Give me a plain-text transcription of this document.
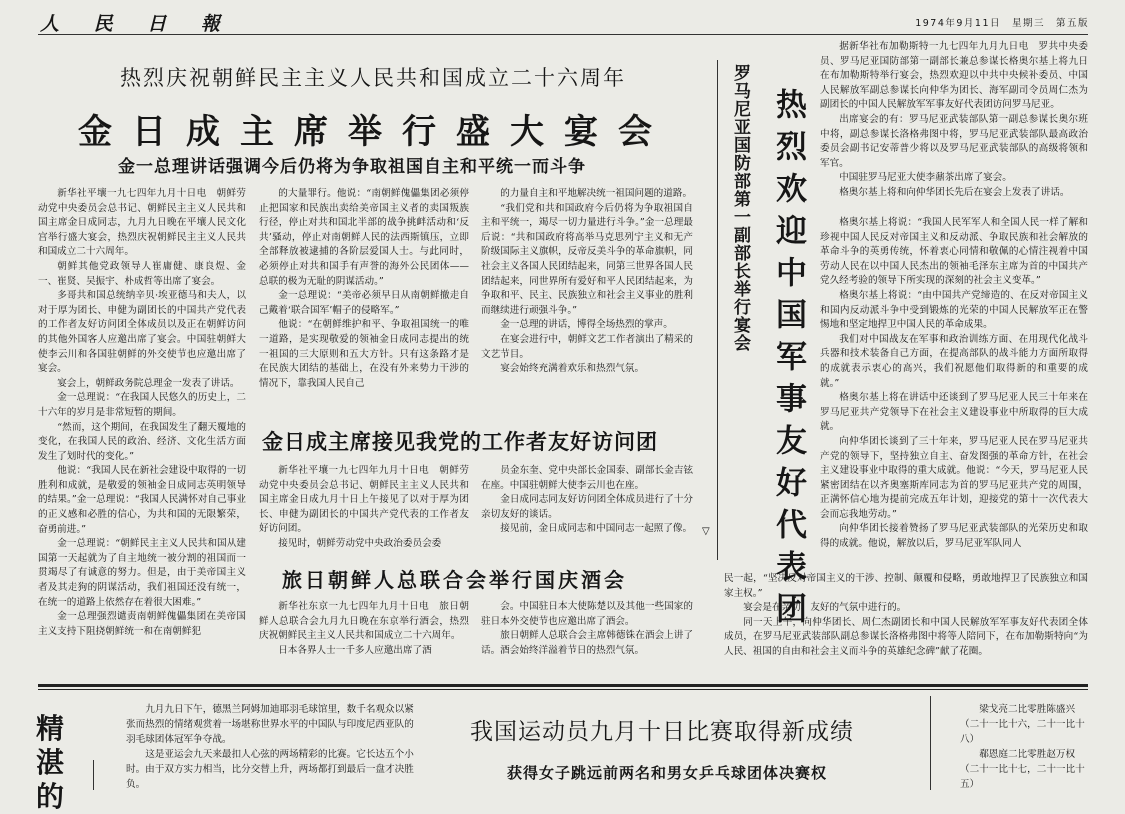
人 民 日 報	1974年9月11日　星期三　第五版
热烈庆祝朝鲜民主主义人民共和国成立二十六周年
金日成主席举行盛大宴会
金一总理讲话强调今后仍将为争取祖国自主和平统一而斗争

新华社平壤一九七四年九月十日电　朝鲜劳动党中央委员会总书记、朝鲜民主主义人民共和国主席金日成同志，九月九日晚在平壤人民文化宫举行盛大宴会，热烈庆祝朝鲜民主主义人民共和国成立二十六周年。

朝鲜其他党政领导人崔庸健、康良煜、金一、崔贤、吴振宇、朴成哲等出席了宴会。

多哥共和国总统纳辛贝·埃亚德马和夫人，以对于厚为团长、申健为副团长的中国共产党代表的工作者友好访问团全体成员以及正在朝鲜访问的其他外国客人应邀出席了宴会。中国驻朝鲜大使李云川和各国驻朝鲜的外交使节也应邀出席了宴会。

宴会上，朝鲜政务院总理金一发表了讲话。

金一总理说：“在我国人民悠久的历史上，二十六年的岁月是非常短暂的期间。

“然而，这个期间，在我国发生了翻天覆地的变化，在我国人民的政治、经济、文化生活方面发生了划时代的变化。”

他说：“我国人民在新社会建设中取得的一切胜利和成就，是敬爱的领袖金日成同志英明领导的结果。”金一总理说：“我国人民满怀对自己事业的正义感和必胜的信心，为共和国的无限繁荣，奋勇前进。”

金一总理说：“朝鲜民主主义人民共和国从建国第一天起就为了自主地统一被分割的祖国而一贯竭尽了有诚意的努力。但是，由于美帝国主义者及其走狗的阴谋活动，我们祖国还没有统一，在统一的道路上依然存在着很大困难。”

金一总理强烈谴责南朝鲜傀儡集团在美帝国主义支持下阻挠朝鲜统一和在南朝鲜犯

的大量罪行。他说：“南朝鲜傀儡集团必须停止把国家和民族出卖给美帝国主义者的卖国叛族行径，停止对共和国北半部的战争挑衅活动和‘反共’骚动，停止对南朝鲜人民的法西斯镇压，立即全部释放被逮捕的各阶层爱国人士。与此同时，必须停止对共和国手有声誉的海外公民团体——总联的极为无耻的阴谋活动。”

金一总理说：“美帝必须早日从南朝鲜撤走自己戴着‘联合国军’帽子的侵略军。”

他说：“在朝鲜维护和平、争取祖国统一的唯一道路，是实现敬爱的领袖金日成同志提出的统一祖国的三大原则和五大方针。只有这条路才是在民族大团结的基础上，在没有外来势力干涉的情况下，靠我国人民自己

的力量自主和平地解决统一祖国问题的道路。

“我们党和共和国政府今后仍将为争取祖国自主和平统一，竭尽一切力量进行斗争。”金一总理最后说：“共和国政府将高举马克思列宁主义和无产阶级国际主义旗帜，反帝反美斗争的革命旗帜，同社会主义各国人民团结起来，同第三世界各国人民团结起来，同世界所有爱好和平人民团结起来，为争取和平、民主、民族独立和社会主义事业的胜利而继续进行顽强斗争。”

金一总理的讲话，博得全场热烈的掌声。

在宴会进行中，朝鲜文艺工作者演出了精采的文艺节目。

宴会始终充满着欢乐和热烈气氛。

金日成主席接见我党的工作者友好访问团

新华社平壤一九七四年九月十日电　朝鲜劳动党中央委员会总书记、朝鲜民主主义人民共和国主席金日成九月十日上午接见了以对于厚为团长、申健为副团长的中国共产党代表的工作者友好访问团。

接见时，朝鲜劳动党中央政治委员会委

员金东奎、党中央部长金国泰、副部长金吉铉在座。中国驻朝鲜大使李云川也在座。

金日成同志同友好访问团全体成员进行了十分亲切友好的谈话。

接见前，金日成同志和中国同志一起照了像。

旅日朝鲜人总联合会举行国庆酒会

新华社东京一九七四年九月十日电　旅日朝鲜人总联合会九月九日晚在东京举行酒会，热烈庆祝朝鲜民主主义人民共和国成立二十六周年。

日本各界人士一千多人应邀出席了酒

会。中国驻日本大使陈楚以及其他一些国家的驻日本外交使节也应邀出席了酒会。

旅日朝鲜人总联合会主席韩德铢在酒会上讲了话。酒会始终洋溢着节日的热烈气氛。

▽
罗马尼亚国防部第一副部长举行宴会 热烈欢迎中国军事友好代表团

据新华社布加勒斯特一九七四年九月九日电　罗共中央委员、罗马尼亚国防部第一副部长兼总参谋长格奥尔基上将九日在布加勒斯特举行宴会，热烈欢迎以中共中央候补委员、中国人民解放军副总参谋长向仲华为团长、海军副司令员周仁杰为副团长的中国人民解放军军事友好代表团访问罗马尼亚。

出席宴会的有：罗马尼亚武装部队第一副总参谋长奥尔班中将，副总参谋长洛格弗图中将，罗马尼亚武装部队最高政治委员会副书记安蒂普少将以及罗马尼亚武装部队的高级将领和军官。

中国驻罗马尼亚大使李鼐茶出席了宴会。

格奥尔基上将和向仲华团长先后在宴会上发表了讲话。

格奥尔基上将说：“我国人民军军人和全国人民一样了解和珍视中国人民反对帝国主义和反动派、争取民族和社会解放的革命斗争的英勇传统，怀着衷心同情和敬佩的心情注视着中国劳动人民在以中国人民杰出的领袖毛泽东主席为首的中国共产党久经考验的领导下所实现的深刻的社会主义变革。”

格奥尔基上将说：“由中国共产党缔造的、在反对帝国主义和国内反动派斗争中受到锻炼的光荣的中国人民解放军正在警惕地和坚定地捍卫中国人民的革命成果。

我们对中国战友在军事和政治训练方面、在用现代化战斗兵器和技术装备自己方面，在提高部队的战斗能力方面所取得的成就表示衷心的高兴，我们祝愿他们取得新的和重要的成就。”

格奥尔基上将在讲话中还谈到了罗马尼亚人民三十年来在罗马尼亚共产党领导下在社会主义建设事业中所取得的巨大成就。

向仲华团长谈到了三十年来，罗马尼亚人民在罗马尼亚共产党的领导下，坚持独立自主、奋发图强的革命方针，在社会主义建设事业中取得的重大成就。他说：“今天，罗马尼亚人民紧密团结在以齐奥塞斯库同志为首的罗马尼亚共产党的周围，正满怀信心地为提前完成五年计划，迎接党的第十一次代表大会而忘我地劳动。”

向仲华团长接着赞扬了罗马尼亚武装部队的光荣历史和取得的成就。他说，解放以后，罗马尼亚军队同人

民一起，“坚决反对帝国主义的干涉、控制、颠覆和侵略，勇敢地捍卫了民族独立和国家主权。”

宴会是在亲切、友好的气氛中进行的。

同一天上午，向仲华团长、周仁杰副团长和中国人民解放军军事友好代表团全体成员，在罗马尼亚武装部队副总参谋长洛格弗图中将等人陪同下，在布加勒斯特向“为人民、祖国的自由和社会主义而斗争的英雄纪念碑”献了花圈。

精湛的

九月九日下午，德黑兰阿姆加迪耶羽毛球馆里，数千名观众以紧张而热烈的情绪观赏着一场堪称世界水平的中国队与印度尼西亚队的羽毛球团体冠军争夺战。

这是亚运会九天来最扣人心弦的两场精彩的比赛。它长达五个小时。由于双方实力相当，比分交替上升，两场都打到最后一盘才决胜负。

我国运动员九月十日比赛取得新成绩
获得女子跳远前两名和男女乒乓球团体决赛权

梁戈亮二比零胜陈盛兴（二十一比十六，二十一比十八）

郗恩庭二比零胜赵万权（二十一比十七，二十一比十五）
